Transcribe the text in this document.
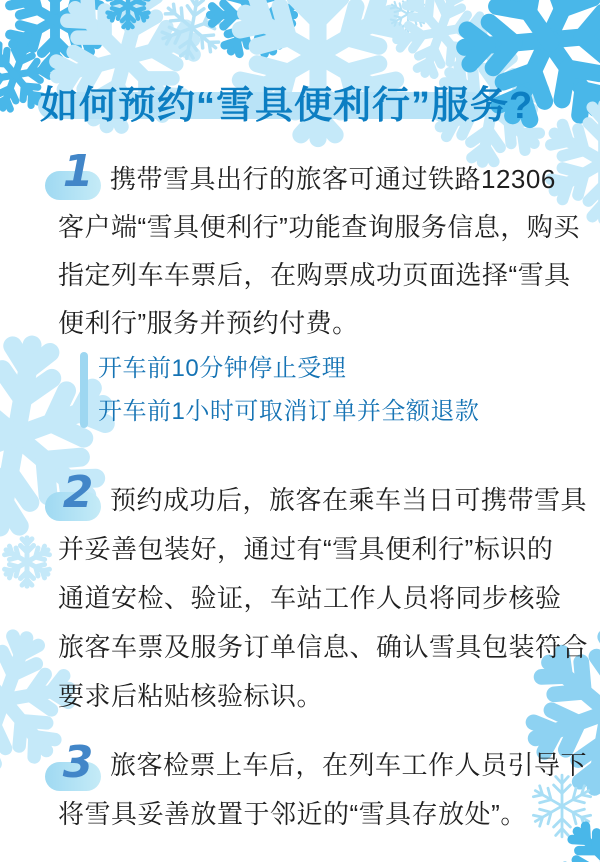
如何预约“雪具便利行”服务?
1 携带雪具出行的旅客可通过铁路12306
客户端“雪具便利行”功能查询服务信息，购买
指定列车车票后，在购票成功页面选择“雪具
便利行”服务并预约付费。
开车前10分钟停止受理
开车前1小时可取消订单并全额退款
2 预约成功后，旅客在乘车当日可携带雪具
并妥善包装好，通过有“雪具便利行”标识的
通道安检、验证，车站工作人员将同步核验
旅客车票及服务订单信息、确认雪具包装符合
要求后粘贴核验标识。
3 旅客检票上车后，在列车工作人员引导下
将雪具妥善放置于邻近的“雪具存放处”。
